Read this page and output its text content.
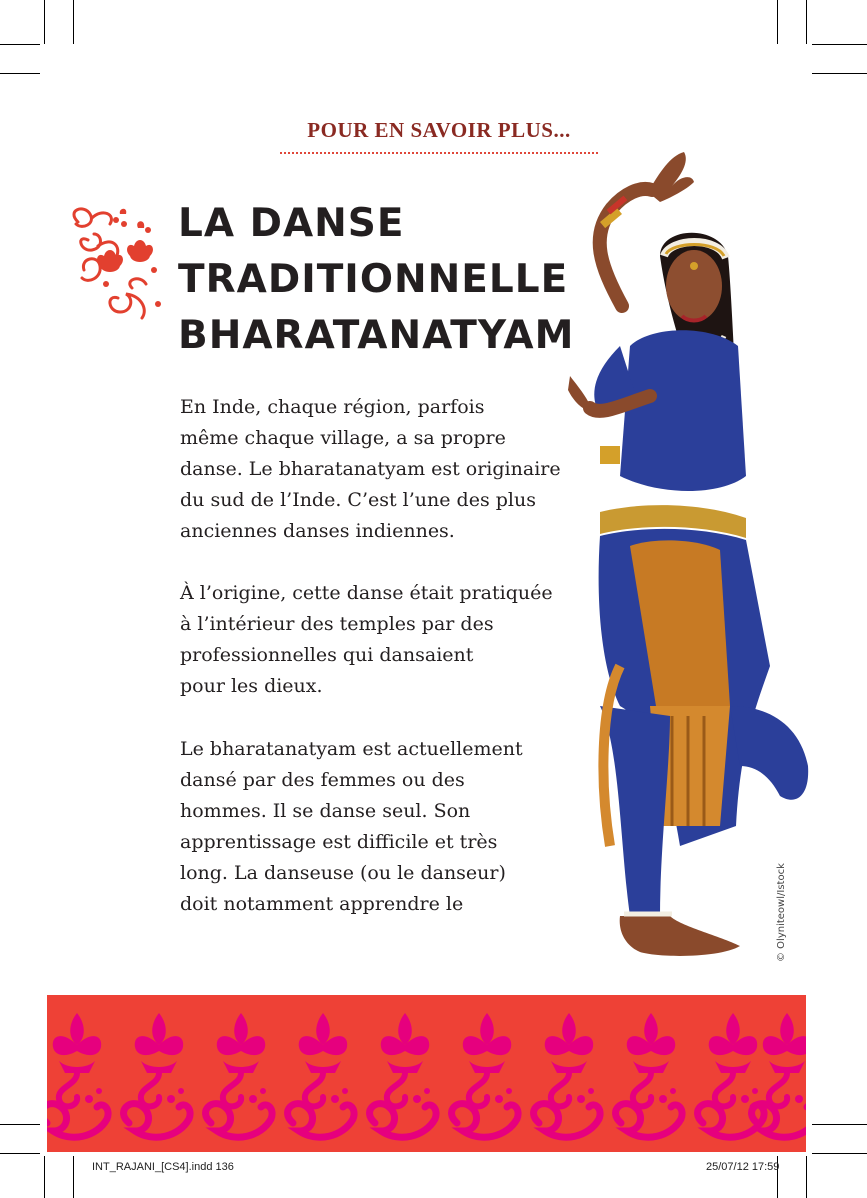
POUR EN SAVOIR PLUS...
LA DANSE
TRADITIONNELLE
BHARATANATYAM
En Inde, chaque région, parfois
même chaque village, a sa propre
danse. Le bharatanatyam est originaire
du sud de l’Inde. C’est l’une des plus
anciennes danses indiennes.
À l’origine, cette danse était pratiquée
à l’intérieur des temples par des
professionnelles qui dansaient
pour les dieux.
Le bharatanatyam est actuellement
dansé par des femmes ou des
hommes. Il se danse seul. Son
apprentissage est difficile et très
long. La danseuse (ou le danseur)
doit notamment apprendre le	© Olyniteowl/Istock
INT_RAJANI_[CS4].indd 136	25/07/12 17:59
